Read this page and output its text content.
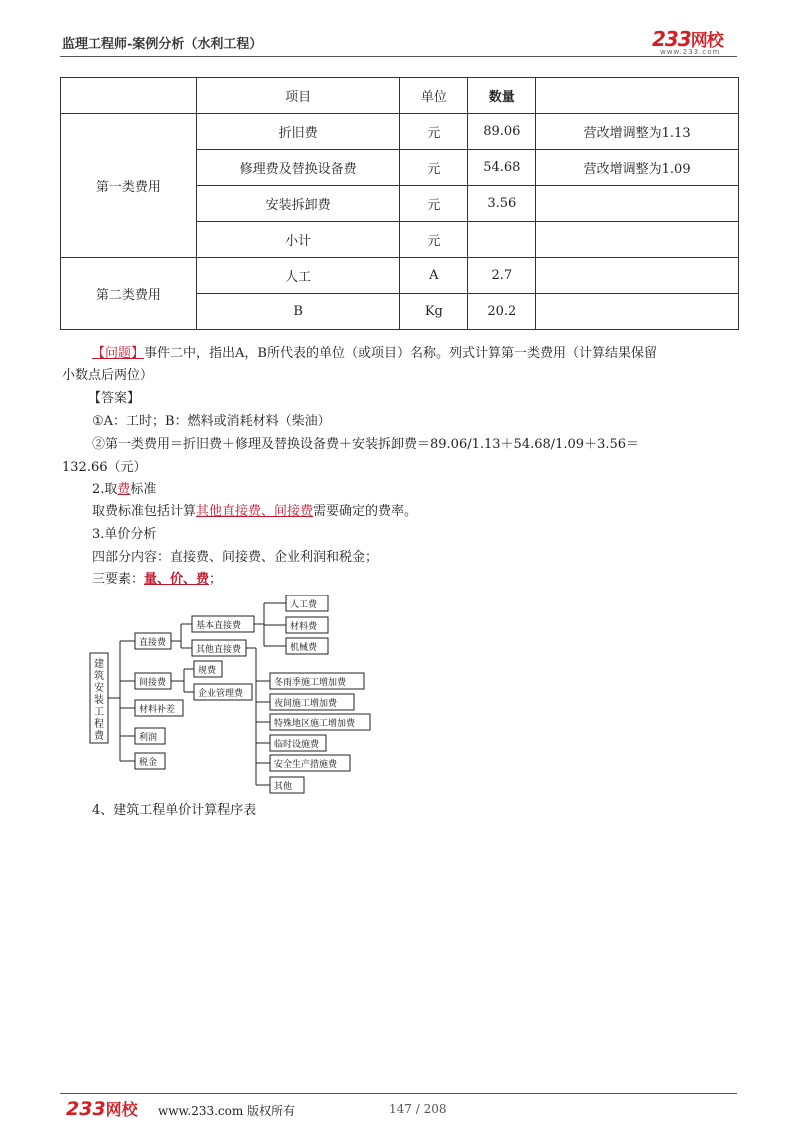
监理工程师-案例分析（水利工程）	233网校
www.233.com
	项目	单位	数量	
第一类费用	折旧费	元	89.06	营改增调整为1.13
	修理费及替换设备费	元	54.68	营改增调整为1.09
	安装拆卸费	元	3.56	
	小计	元		
第二类费用	人工	A	2.7	
	B	Kg	20.2	
【问题】事件二中，指出A，B所代表的单位（或项目）名称。列式计算第一类费用（计算结果保留
小数点后两位）
【答案】
①A：工时；B：燃料或消耗材料（柴油）
②第一类费用＝折旧费＋修理及替换设备费＋安装拆卸费＝89.06/1.13＋54.68/1.09＋3.56＝
132.66（元）
2.取费标准
取费标准包括计算其他直接费、间接费需要确定的费率。
3.单价分析
四部分内容：直接费、间接费、企业利润和税金；
三要素：量、价、费；
建筑安装工程费
直接费
间接费
材料补差
利润
税金
基本直接费
其他直接费
人工费
材料费
机械费
冬雨季施工增加费
夜间施工增加费
特殊地区施工增加费
临时设施费
安全生产措施费
其他
规费
企业管理费
4、建筑工程单价计算程序表
233网校 www.233.com 版权所有	147 / 208
